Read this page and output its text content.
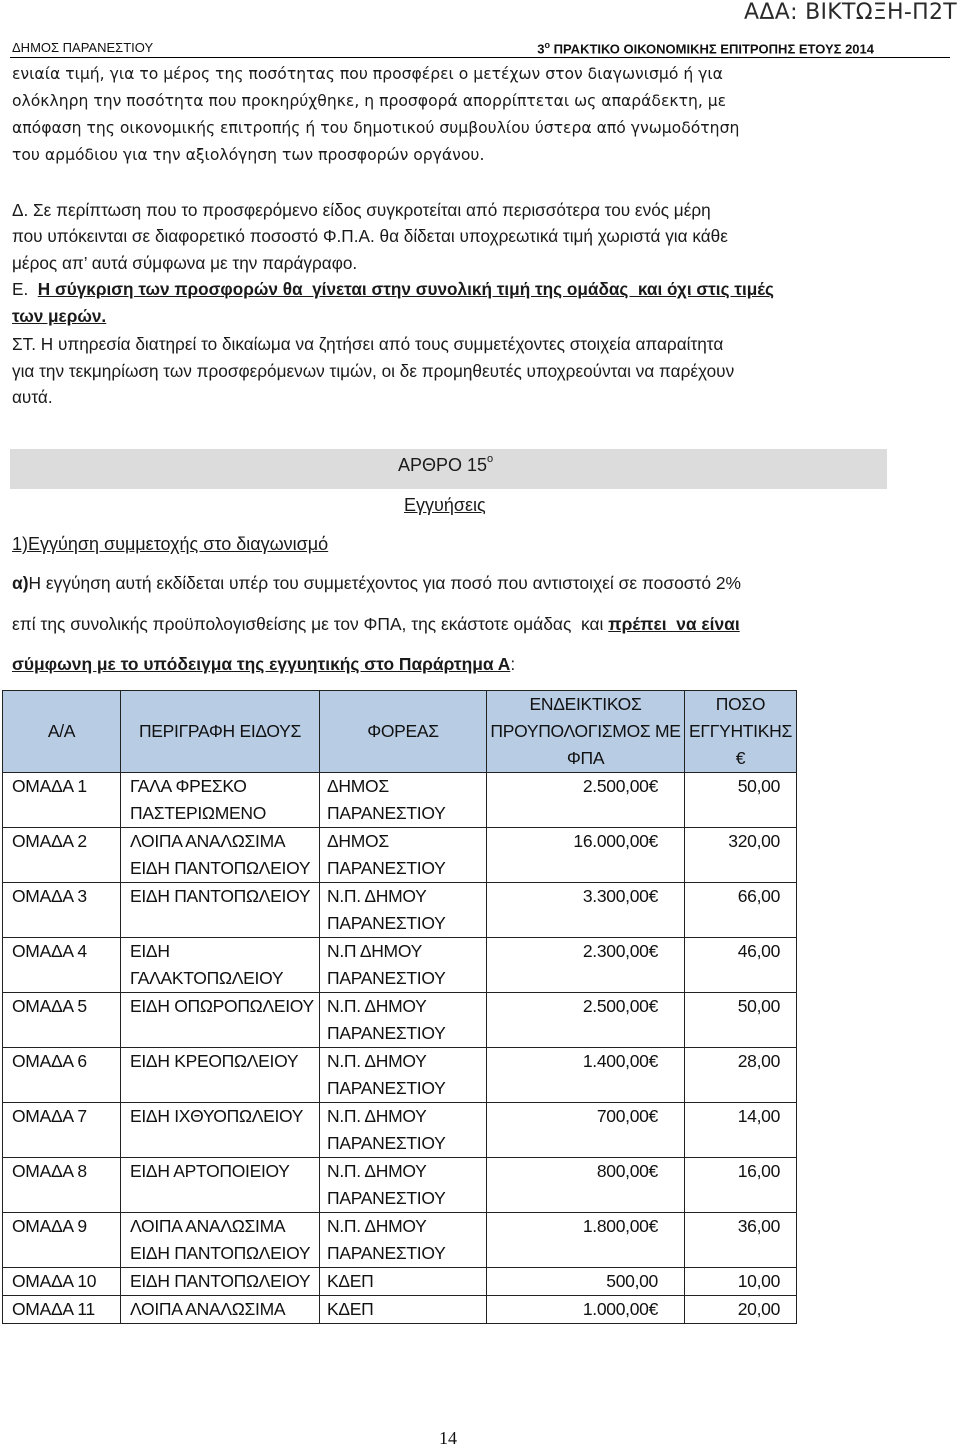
ΑΔΑ: ΒΙΚΤΩΞΗ-Π2Τ
ΔΗΜΟΣ ΠΑΡΑΝΕΣΤΙΟΥ	$3^o$ ΠΡΑΚΤΙΚΟ ΟΙΚΟΝΟΜΙΚΗΣ ΕΠΙΤΡΟΠΗΣ ΕΤΟΥΣ 2014
ενιαία τιμή, για το μέρος της ποσότητας που προσφέρει ο μετέχων στον διαγωνισμό ή για
ολόκληρη την ποσότητα που προκηρύχθηκε, η προσφορά απορρίπτεται ως απαράδεκτη, με
απόφαση της οικονομικής επιτροπής ή του δημοτικού συμβουλίου ύστερα από γνωμοδότηση
του αρμόδιου για την αξιολόγηση των προσφορών οργάνου.
Δ. Σε περίπτωση που το προσφερόμενο είδος συγκροτείται από περισσότερα του ενός μέρη
που υπόκεινται σε διαφορετικό ποσοστό Φ.Π.Α. θα δίδεται υποχρεωτικά τιμή χωριστά για κάθε
μέρος απ’ αυτά σύμφωνα με την παράγραφο.
Ε.  Η σύγκριση των προσφορών θα  γίνεται στην συνολική τιμή της ομάδας  και όχι στις τιμές
των μερών.
ΣΤ. Η υπηρεσία διατηρεί το δικαίωμα να ζητήσει από τους συμμετέχοντες στοιχεία απαραίτητα
για την τεκμηρίωση των προσφερόμενων τιμών, οι δε προμηθευτές υποχρεούνται να παρέχουν
αυτά.
ΑΡΘΡΟ $15^o$
Εγγυήσεις
1)Εγγύηση συμμετοχής στο διαγωνισμό
α)Η εγγύηση αυτή εκδίδεται υπέρ του συμμετέχοντος για ποσό που αντιστοιχεί σε ποσοστό 2%
επί της συνολικής προϋπολογισθείσης με τον ΦΠΑ, της εκάστοτε ομάδας  και πρέπει  να είναι
σύμφωνη με το υπόδειγμα της εγγυητικής στο Παράρτημα Α:
Α/Α	ΠΕΡΙΓΡΑΦΗ ΕΙΔΟΥΣ	ΦΟΡΕΑΣ	ΕΝΔΕΙΚΤΙΚΟΣ ΠΡΟΥΠΟΛΟΓΙΣΜΟΣ ΜΕ ΦΠΑ	ΠΟΣΟ ΕΓΓΥΗΤΙΚΗΣ €
ΟΜΑΔΑ 1	ΓΑΛΑ ΦΡΕΣΚΟ ΠΑΣΤΕΡΙΩΜΕΝΟ	ΔΗΜΟΣ ΠΑΡΑΝΕΣΤΙΟΥ	2.500,00€	50,00
ΟΜΑΔΑ 2	ΛΟΙΠΑ ΑΝΑΛΩΣΙΜΑ ΕΙΔΗ ΠΑΝΤΟΠΩΛΕΙΟΥ	ΔΗΜΟΣ ΠΑΡΑΝΕΣΤΙΟΥ	16.000,00€	320,00
ΟΜΑΔΑ 3	ΕΙΔΗ ΠΑΝΤΟΠΩΛΕΙΟΥ	Ν.Π. ΔΗΜΟΥ ΠΑΡΑΝΕΣΤΙΟΥ	3.300,00€	66,00
ΟΜΑΔΑ 4	ΕΙΔΗ ΓΑΛΑΚΤΟΠΩΛΕΙΟΥ	Ν.Π ΔΗΜΟΥ ΠΑΡΑΝΕΣΤΙΟΥ	2.300,00€	46,00
ΟΜΑΔΑ 5	ΕΙΔΗ ΟΠΩΡΟΠΩΛΕΙΟΥ	Ν.Π. ΔΗΜΟΥ ΠΑΡΑΝΕΣΤΙΟΥ	2.500,00€	50,00
ΟΜΑΔΑ 6	ΕΙΔΗ ΚΡΕΟΠΩΛΕΙΟΥ	Ν.Π. ΔΗΜΟΥ ΠΑΡΑΝΕΣΤΙΟΥ	1.400,00€	28,00
ΟΜΑΔΑ 7	ΕΙΔΗ ΙΧΘΥΟΠΩΛΕΙΟΥ	Ν.Π. ΔΗΜΟΥ ΠΑΡΑΝΕΣΤΙΟΥ	700,00€	14,00
ΟΜΑΔΑ 8	ΕΙΔΗ ΑΡΤΟΠΟΙΕΙΟΥ	Ν.Π. ΔΗΜΟΥ ΠΑΡΑΝΕΣΤΙΟΥ	800,00€	16,00
ΟΜΑΔΑ 9	ΛΟΙΠΑ ΑΝΑΛΩΣΙΜΑ ΕΙΔΗ ΠΑΝΤΟΠΩΛΕΙΟΥ	Ν.Π. ΔΗΜΟΥ ΠΑΡΑΝΕΣΤΙΟΥ	1.800,00€	36,00
ΟΜΑΔΑ 10	ΕΙΔΗ ΠΑΝΤΟΠΩΛΕΙΟΥ	ΚΔΕΠ	500,00	10,00
ΟΜΑΔΑ 11	ΛΟΙΠΑ ΑΝΑΛΩΣΙΜΑ	ΚΔΕΠ	1.000,00€	20,00
14
